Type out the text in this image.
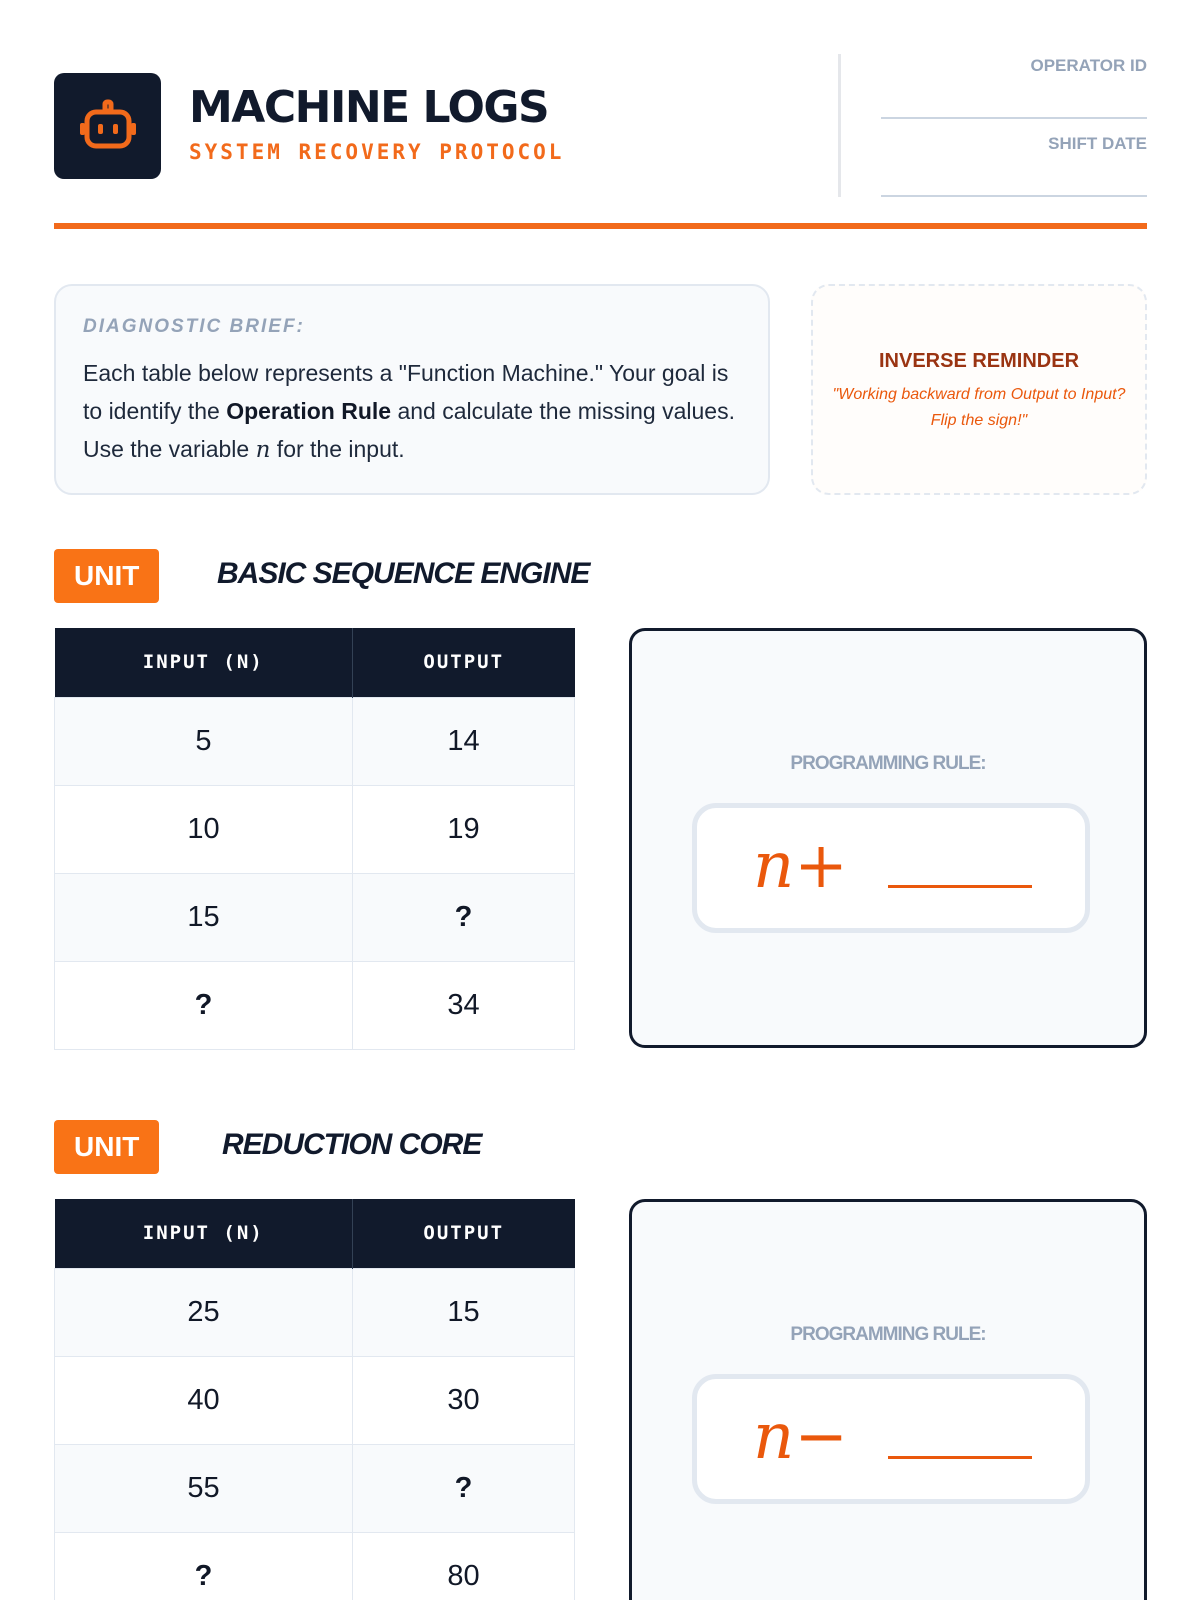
MACHINE LOGS
SYSTEM RECOVERY PROTOCOL
OPERATOR ID
SHIFT DATE
DIAGNOSTIC BRIEF:
Each table below represents a "Function Machine." Your goal is to identify the Operation Rule and calculate the missing values. Use the variable n for the input.
INVERSE REMINDER
"Working backward from Output to Input?
Flip the sign!"
UNIT	BASIC SEQUENCE ENGINE
INPUT (N)	OUTPUT
5	14
10	19
15	?
?	34
PROGRAMMING RULE:
n+
UNIT	REDUCTION CORE
INPUT (N)	OUTPUT
25	15
40	30
55	?
?	80
PROGRAMMING RULE:
n−
